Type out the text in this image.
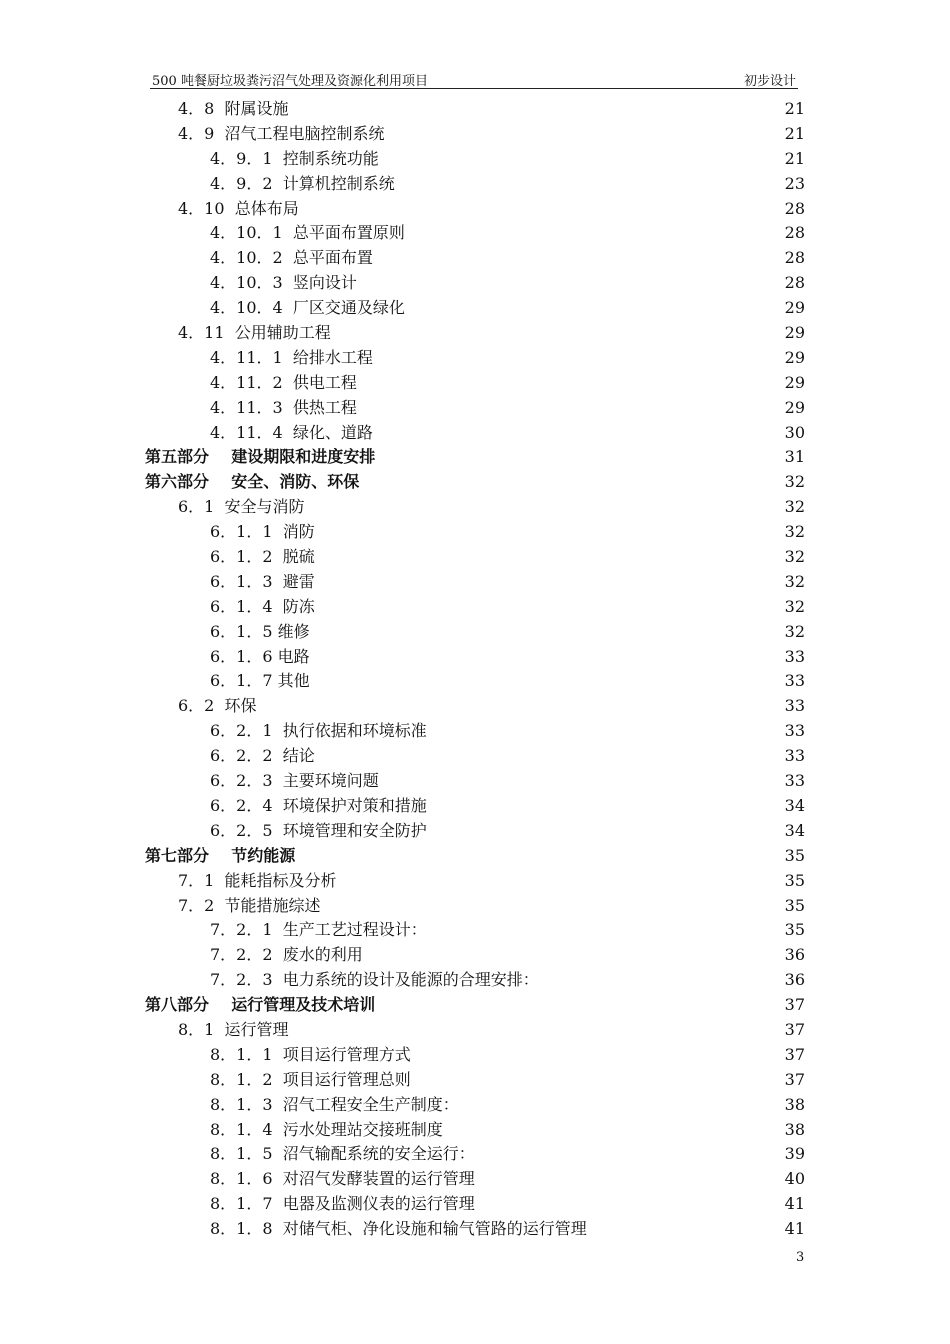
500 吨餐厨垃圾粪污沼气处理及资源化利用项目	初步设计
4．8  附属设施	21
4．9  沼气工程电脑控制系统	21
4．9．1  控制系统功能	21
4．9．2  计算机控制系统	23
4．10  总体布局	28
4．10．1  总平面布置原则	28
4．10．2  总平面布置	28
4．10．3  竖向设计	28
4．10．4  厂区交通及绿化	29
4．11  公用辅助工程	29
4．11．1  给排水工程	29
4．11．2  供电工程	29
4．11．3  供热工程	29
4．11．4  绿化、道路	30
第五部分    建设期限和进度安排	31
第六部分    安全、消防、环保	32
6．1  安全与消防	32
6．1．1  消防	32
6．1．2  脱硫	32
6．1．3  避雷	32
6．1．4  防冻	32
6．1．5 维修	32
6．1．6 电路	33
6．1．7 其他	33
6．2  环保	33
6．2．1  执行依据和环境标准	33
6．2．2  结论	33
6．2．3  主要环境问题	33
6．2．4  环境保护对策和措施	34
6．2．5  环境管理和安全防护	34
第七部分    节约能源	35
7．1  能耗指标及分析	35
7．2  节能措施综述	35
7．2．1  生产工艺过程设计：	35
7．2．2  废水的利用	36
7．2．3  电力系统的设计及能源的合理安排：	36
第八部分    运行管理及技术培训	37
8．1  运行管理	37
8．1．1  项目运行管理方式	37
8．1．2  项目运行管理总则	37
8．1．3  沼气工程安全生产制度：	38
8．1．4  污水处理站交接班制度	38
8．1．5  沼气输配系统的安全运行：	39
8．1．6  对沼气发酵装置的运行管理	40
8．1．7  电器及监测仪表的运行管理	41
8．1．8  对储气柜、净化设施和输气管路的运行管理	41
3
